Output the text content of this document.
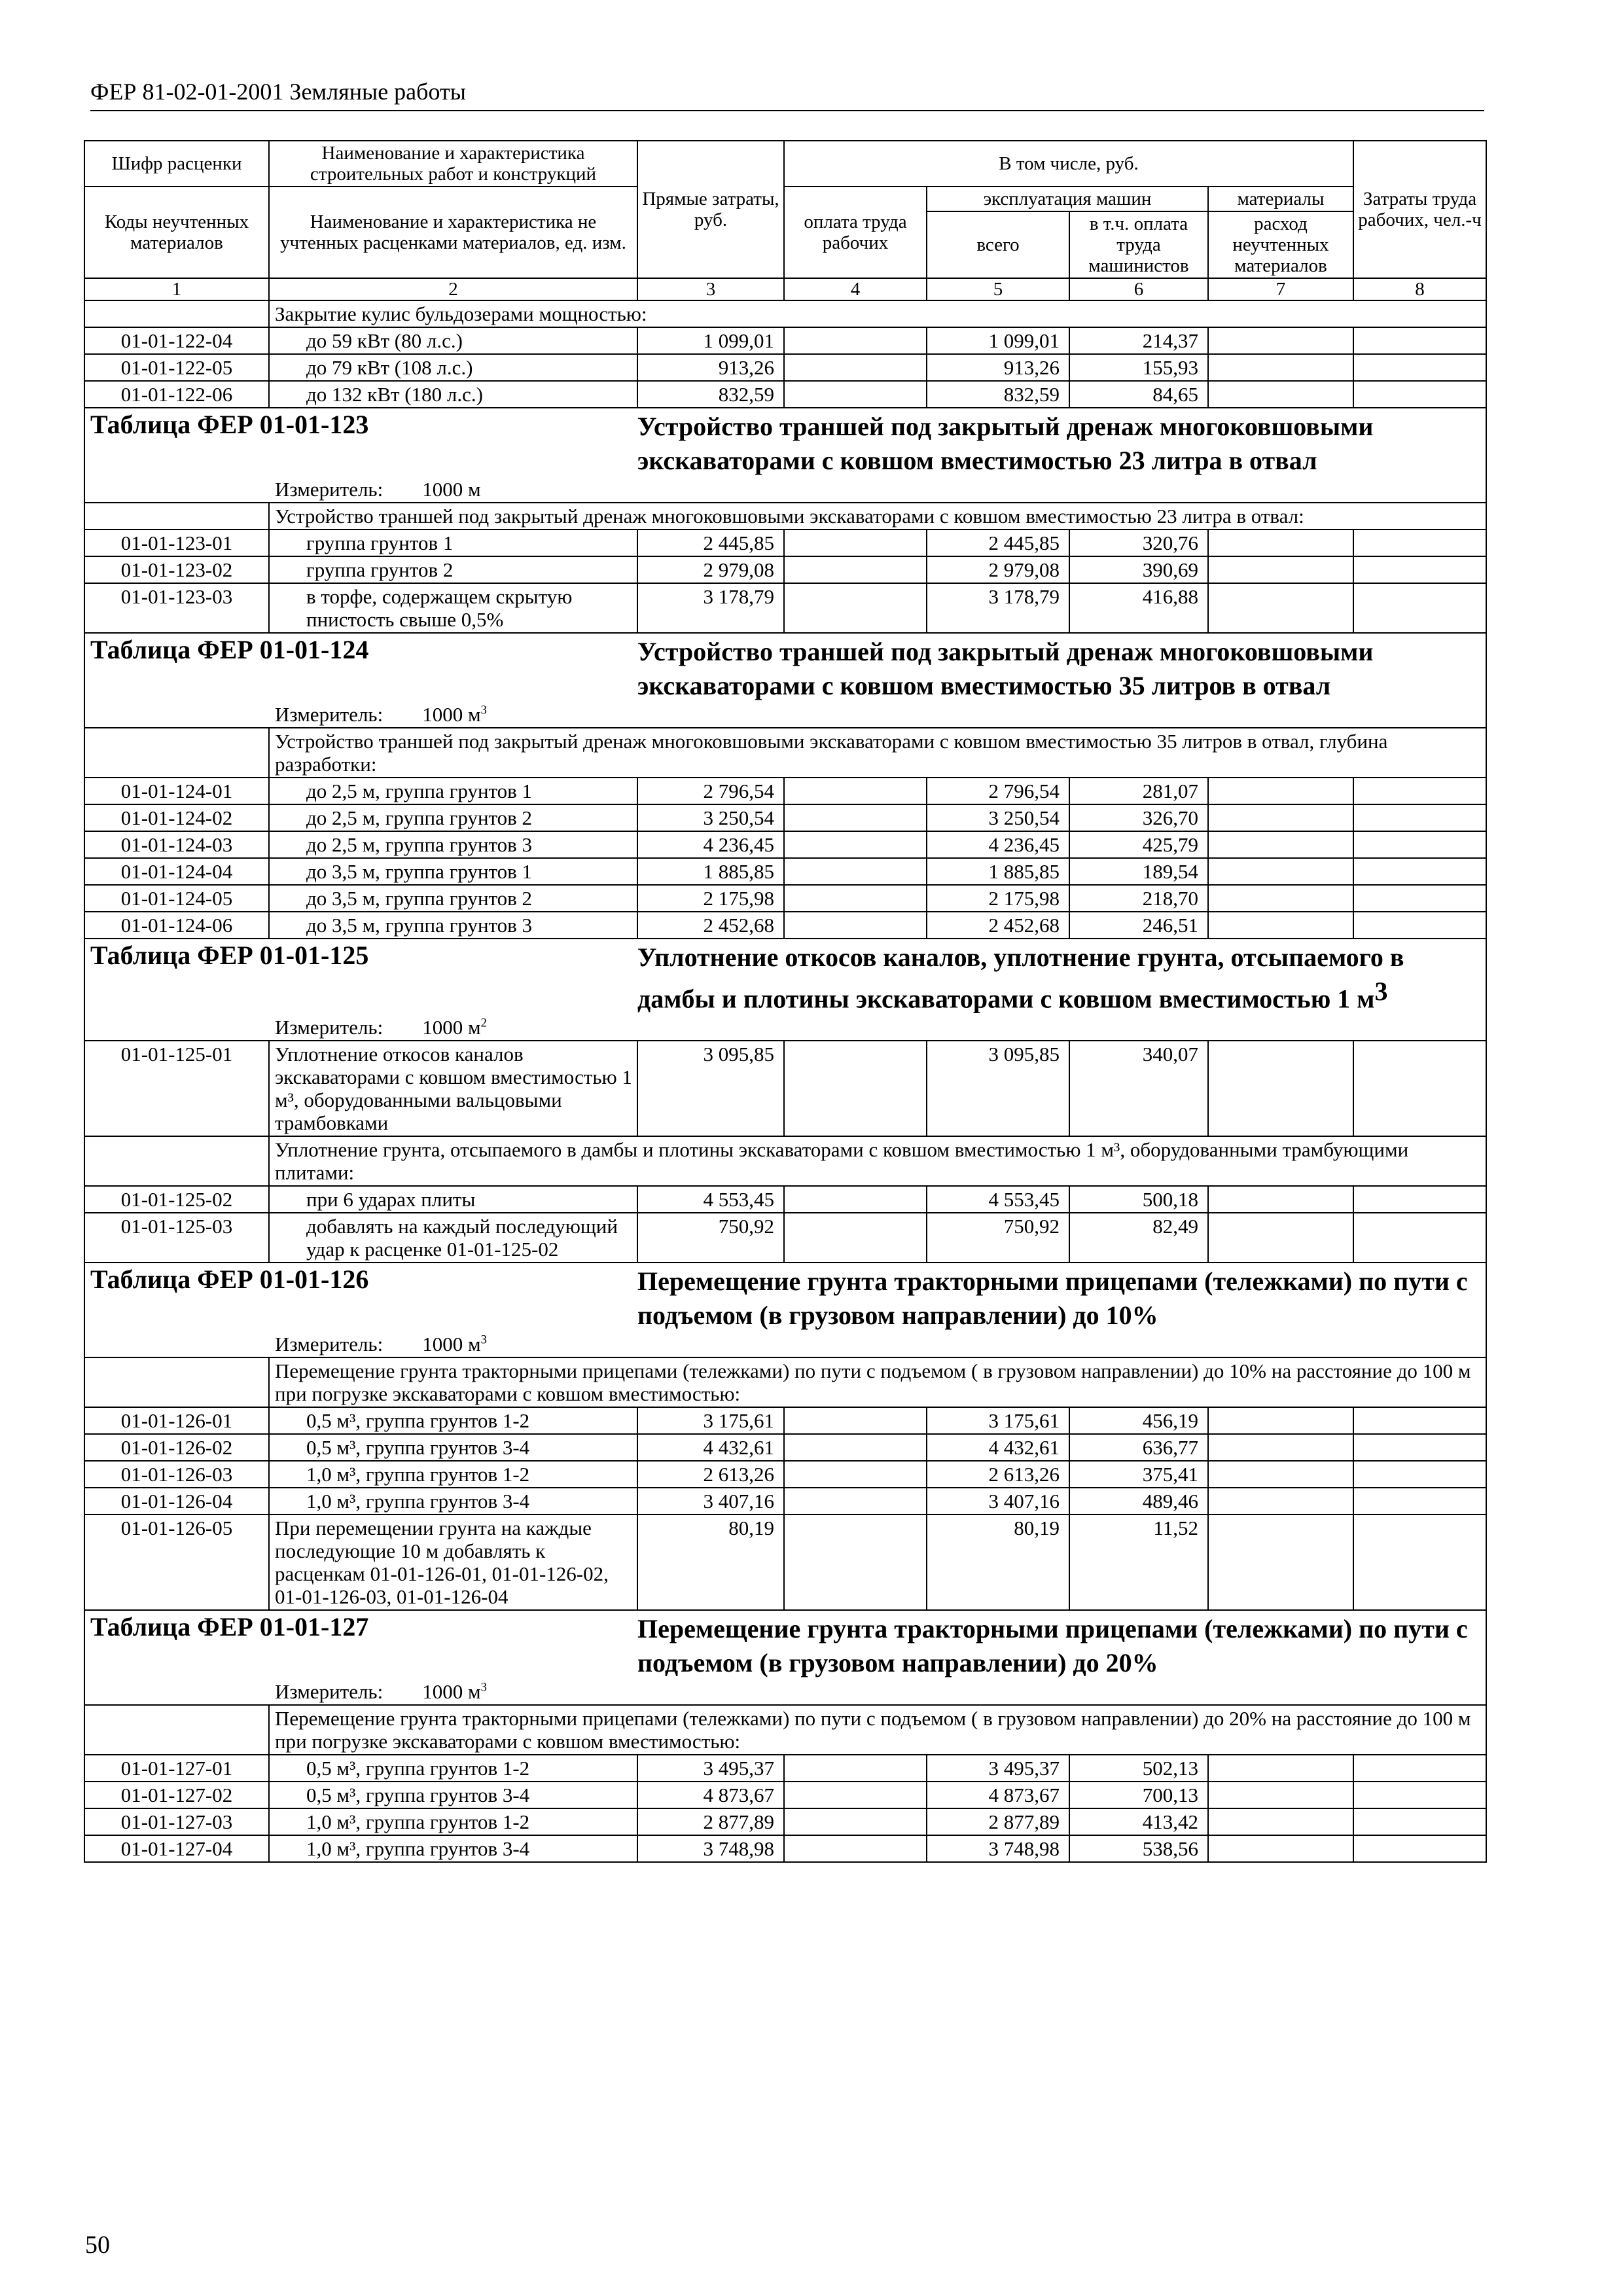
ФЕР 81-02-01-2001 Земляные работы
Шифр расценки	Наименование и характеристика строительных работ и конструкций	Прямые затраты, руб.	В том числе, руб.				Затраты труда рабочих, чел.-ч
Коды неучтенных материалов	Наименование и характеристика не учтенных расценками материалов, ед. изм.		оплата труда рабочих	эксплуатация машин		материалы	
				всего	в т.ч. оплата труда машинистов	расход неучтенных материалов	
1	2	3	4	5	6	7	8
	Закрытие кулис бульдозерами мощностью:						
01-01-122-04	до 59 кВт (80 л.с.)	1 099,01		1 099,01	214,37		
01-01-122-05	до 79 кВт (108 л.с.)	913,26		913,26	155,93		
01-01-122-06	до 132 кВт (180 л.с.)	832,59		832,59	84,65		
Таблица ФЕР 01-01-123		Устройство траншей под закрытый дренаж многоковшовыми экскаваторами с ковшом вместимостью 23 литра в отвал					

Измеритель: 1000 м							

	Устройство траншей под закрытый дренаж многоковшовыми экскаваторами с ковшом вместимостью 23 литра в отвал:						
01-01-123-01	группа грунтов 1	2 445,85		2 445,85	320,76		
01-01-123-02	группа грунтов 2	2 979,08		2 979,08	390,69		
01-01-123-03	в торфе, содержащем скрытую пнистость свыше 0,5%	3 178,79		3 178,79	416,88		
Таблица ФЕР 01-01-124		Устройство траншей под закрытый дренаж многоковшовыми экскаваторами с ковшом вместимостью 35 литров в отвал					

Измеритель: 1000 $м^3$

	Устройство траншей под закрытый дренаж многоковшовыми экскаваторами с ковшом вместимостью 35 литров в отвал, глубина разработки:						
01-01-124-01	до 2,5 м, группа грунтов 1	2 796,54		2 796,54	281,07		
01-01-124-02	до 2,5 м, группа грунтов 2	3 250,54		3 250,54	326,70		
01-01-124-03	до 2,5 м, группа грунтов 3	4 236,45		4 236,45	425,79		
01-01-124-04	до 3,5 м, группа грунтов 1	1 885,85		1 885,85	189,54		
01-01-124-05	до 3,5 м, группа грунтов 2	2 175,98		2 175,98	218,70		
01-01-124-06	до 3,5 м, группа грунтов 3	2 452,68		2 452,68	246,51		
Таблица ФЕР 01-01-125		Уплотнение откосов каналов, уплотнение грунта, отсыпаемого в дамбы и плотины экскаваторами с ковшом вместимостью 1 $м^3$

Измеритель: 1000 $м^2$

01-01-125-01	Уплотнение откосов каналов экскаваторами с ковшом вместимостью 1 м³, оборудованными вальцовыми трамбовками	3 095,85		3 095,85	340,07		
	Уплотнение грунта, отсыпаемого в дамбы и плотины экскаваторами с ковшом вместимостью 1 м³, оборудованными трамбующими плитами:						
01-01-125-02	при 6 ударах плиты	4 553,45		4 553,45	500,18		
01-01-125-03	добавлять на каждый последующий удар к расценке 01-01-125-02	750,92		750,92	82,49		
Таблица ФЕР 01-01-126		Перемещение грунта тракторными прицепами (тележками) по пути с подъемом (в грузовом направлении) до 10%					

Измеритель: 1000 $м^3$

	Перемещение грунта тракторными прицепами (тележками) по пути с подъемом ( в грузовом направлении) до 10% на расстояние до 100 м при погрузке экскаваторами с ковшом вместимостью:						
01-01-126-01	0,5 м³, группа грунтов 1-2	3 175,61		3 175,61	456,19		
01-01-126-02	0,5 м³, группа грунтов 3-4	4 432,61		4 432,61	636,77		
01-01-126-03	1,0 м³, группа грунтов 1-2	2 613,26		2 613,26	375,41		
01-01-126-04	1,0 м³, группа грунтов 3-4	3 407,16		3 407,16	489,46		
01-01-126-05	При перемещении грунта на каждые последующие 10 м добавлять к расценкам 01-01-126-01, 01-01-126-02, 01-01-126-03, 01-01-126-04	80,19		80,19	11,52		
Таблица ФЕР 01-01-127		Перемещение грунта тракторными прицепами (тележками) по пути с подъемом (в грузовом направлении) до 20%					

Измеритель: 1000 $м^3$

	Перемещение грунта тракторными прицепами (тележками) по пути с подъемом ( в грузовом направлении) до 20% на расстояние до 100 м при погрузке экскаваторами с ковшом вместимостью:						
01-01-127-01	0,5 м³, группа грунтов 1-2	3 495,37		3 495,37	502,13		
01-01-127-02	0,5 м³, группа грунтов 3-4	4 873,67		4 873,67	700,13		
01-01-127-03	1,0 м³, группа грунтов 1-2	2 877,89		2 877,89	413,42		
01-01-127-04	1,0 м³, группа грунтов 3-4	3 748,98		3 748,98	538,56		
50
